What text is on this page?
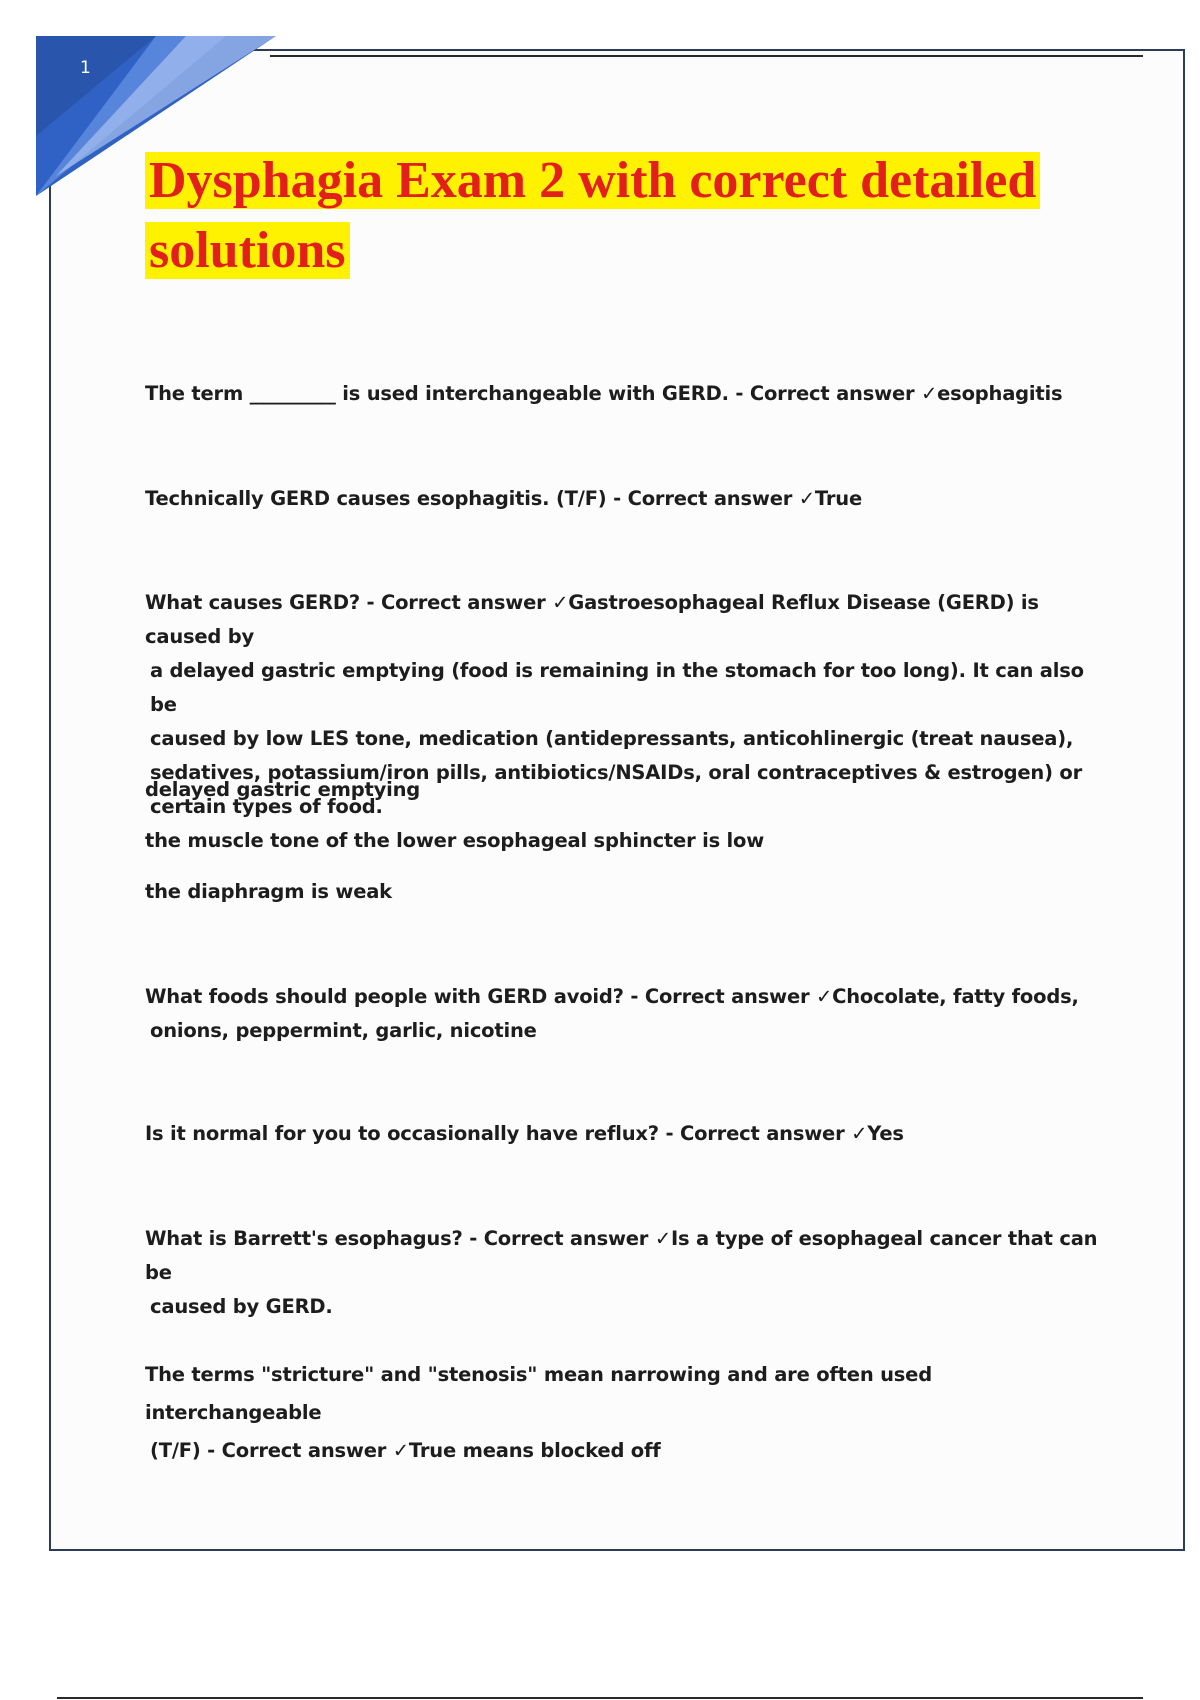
1
Dysphagia Exam 2 with correct detailed
solutions
The term _________ is used interchangeable with GERD. - Correct answer ✓esophagitis
Technically GERD causes esophagitis. (T/F) - Correct answer ✓True
What causes GERD? - Correct answer ✓Gastroesophageal Reflux Disease (GERD) is caused by
a delayed gastric emptying (food is remaining in the stomach for too long). It can also be
caused by low LES tone, medication (antidepressants, anticohlinergic (treat nausea),
sedatives, potassium/iron pills, antibiotics/NSAIDs, oral contraceptives & estrogen) or
certain types of food.
delayed gastric emptying
the muscle tone of the lower esophageal sphincter is low
the diaphragm is weak
What foods should people with GERD avoid? - Correct answer ✓Chocolate, fatty foods,
onions, peppermint, garlic, nicotine
Is it normal for you to occasionally have reflux? - Correct answer ✓Yes
What is Barrett's esophagus? - Correct answer ✓Is a type of esophageal cancer that can be
caused by GERD.
The terms "stricture" and "stenosis" mean narrowing and are often used interchangeable
(T/F) - Correct answer ✓True means blocked off
